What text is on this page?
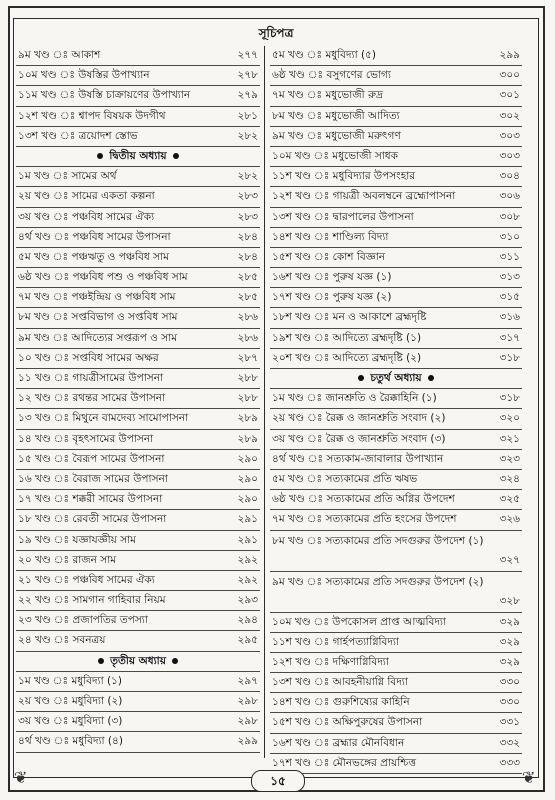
সূচিপত্র
৯ম খণ্ড ঃ আকাশ	২৭৭
১০ম খণ্ড ঃ উষস্তির উপাখ্যান	২৭৮
১১ম খণ্ড ঃ উষস্তি চাক্রায়ণের উপাখ্যান	২৭৯
১২শ খণ্ড ঃ শ্বাপদ বিষয়ক উদগীথ	২৮১
১৩শ খণ্ড ঃ ত্রয়োদশ স্তোভ	২৮২
দ্বিতীয় অধ্যায়
১ম খণ্ড ঃ সামের অর্থ	২৮২
২য় খণ্ড ঃ সামের একতা কল্পনা	২৮৩
৩য় খণ্ড ঃ পঞ্চবিধ সামের ঐক্য	২৮৩
৪র্থ খণ্ড ঃ পঞ্চবিধ সামের উপাসনা	২৮৪
৫ম খণ্ড ঃ পঞ্চঋতু ও পঞ্চবিধ সাম	২৮৪
৬ষ্ঠ খণ্ড ঃ পঞ্চবিধ পশু ও পঞ্চবিধ সাম	২৮৫
৭ম খণ্ড ঃ পঞ্চইন্দ্রিয় ও পঞ্চবিধ সাম	২৮৫
৮ম খণ্ড ঃ সপ্তবিভাগ ও সপ্তবিধ সাম	২৮৬
৯ম খণ্ড ঃ আদিত্যের সপ্তরূপ ও সাম	২৮৬
১০ খণ্ড ঃ সপ্তবিধ সামের অক্ষর	২৮৭
১১ খণ্ড ঃ গায়ত্রীসামের উপাসনা	২৮৮
১২ খণ্ড ঃ রথন্তর সামের উপাসনা	২৮৮
১৩ খণ্ড ঃ মিথুনে বামদেব্য সামোপাসনা	২৮৯
১৪ খণ্ড ঃ বৃহৎসামের উপাসনা	২৮৯
১৫ খণ্ড ঃ বৈরূপ সামের উপাসনা	২৯০
১৬ খণ্ড ঃ বৈরাজ সামের উপাসনা	২৯০
১৭ খণ্ড ঃ শক্করী সামের উপাসনা	২৯০
১৮ খণ্ড ঃ রেবতী সামের উপাসনা	২৯১
১৯ খণ্ড ঃ যজ্ঞাযজ্ঞীয় সাম	২৯১
২০ খণ্ড ঃ রাজন সাম	২৯২
২১ খণ্ড ঃ পঞ্চবিধ সামের ঐক্য	২৯২
২২ খণ্ড ঃ সামগান গাহিবার নিয়ম	২৯৩
২৩ খণ্ড ঃ প্রজাপতির তপস্যা	২৯৪
২৪ খণ্ড ঃ সবনত্রয়	২৯৫
তৃতীয় অধ্যায়
১ম খণ্ড ঃ মধুবিদ্যা (১)	২৯৭
২য় খণ্ড ঃ মধুবিদ্যা (২)	২৯৮
৩য় খণ্ড ঃ মধুবিদ্যা (৩)	২৯৮
৪র্থ খণ্ড ঃ মধুবিদ্যা (৪)	২৯৯
৫ম খণ্ড ঃ মধুবিদ্যা (৫)	২৯৯
৬ষ্ঠ খণ্ড ঃ বসুগণের ভোগ্য	৩০০
৭ম খণ্ড ঃ মধুভোজী রুদ্র	৩০১
৮ম খণ্ড ঃ মধুভোজী আদিত্য	৩০২
৯ম খণ্ড ঃ মধুভোজী মরুৎগণ	৩০৩
১০ম খণ্ড ঃ মধুভোজী সাধক	৩০৩
১১শ খণ্ড ঃ মধুবিদ্যার উপসংহার	৩০৪
১২শ খণ্ড ঃ গায়ত্রী অবলম্বনে ব্রহ্মোপাসনা	৩০৬
১৩শ খণ্ড ঃ দ্বারপালের উপাসনা	৩০৮
১৪শ খণ্ড ঃ শাণ্ডিল্য বিদ্যা	৩১০
১৫শ খণ্ড ঃ কোশ বিজ্ঞান	৩১১
১৬শ খণ্ড ঃ পুরুষ যজ্ঞ (১)	৩১৩
১৭শ খণ্ড ঃ পুরুষ যজ্ঞ (২)	৩১৫
১৮শ খণ্ড ঃ মন ও আকাশে ব্রহ্মদৃষ্টি	৩১৬
১৯শ খণ্ড ঃ আদিত্যে ব্রহ্মদৃষ্টি (১)	৩১৭
২০শ খণ্ড ঃ আদিত্যে ব্রহ্মদৃষ্টি (২)	৩১৮
চতুর্থ অধ্যায়
১ম খণ্ড ঃ জানশ্রুতি ও রৈক্কাহিনি (১)	৩১৮
২য় খণ্ড ঃ রৈক্ক ও জানশ্রুতি সংবাদ (২)	৩২০
৩য় খণ্ড ঃ রৈক্ক ও জানশ্রুতি সংবাদ (৩)	৩২১
৪র্থ খণ্ড ঃ সত্যকাম-জাবালার উপাখ্যান	৩২৩
৫ম খণ্ড ঃ সত্যকামের প্রতি ঋষভ	৩২৪
৬ষ্ঠ খণ্ড ঃ সত্যকামের প্রতি অগ্নির উপদেশ	৩২৫
৭ম খণ্ড ঃ সত্যকামের প্রতি হংসের উপদেশ	৩২৬
৮ম খণ্ড ঃ সত্যকামের প্রতি সদগুরুর উপদেশ (১)
৩২৭
৯ম খণ্ড ঃ সত্যকামের প্রতি সদগুরুর উপদেশ (২)
৩২৮
১০ম খণ্ড ঃ উপকোসল প্রাপ্ত আত্মবিদ্যা	৩২৯
১১শ খণ্ড ঃ গার্হপত্যাগ্নিবিদ্যা	৩২৯
১২শ খণ্ড ঃ দক্ষিণাগ্নিবিদ্যা	৩২৯
১৩শ খণ্ড ঃ আবহনীয়াগ্নি বিদ্যা	৩৩০
১৪শ খণ্ড ঃ গুরুশিষ্যের কাহিনি	৩৩০
১৫শ খণ্ড ঃ অক্ষিপুরুষের উপাসনা	৩৩১
১৬শ খণ্ড ঃ ব্রহ্মার মৌনবিধান	৩৩২
১৭শ খণ্ড ঃ মৌনভঙ্গের প্রায়শ্চিত্ত	৩৩৩
❦	❦
১৫
